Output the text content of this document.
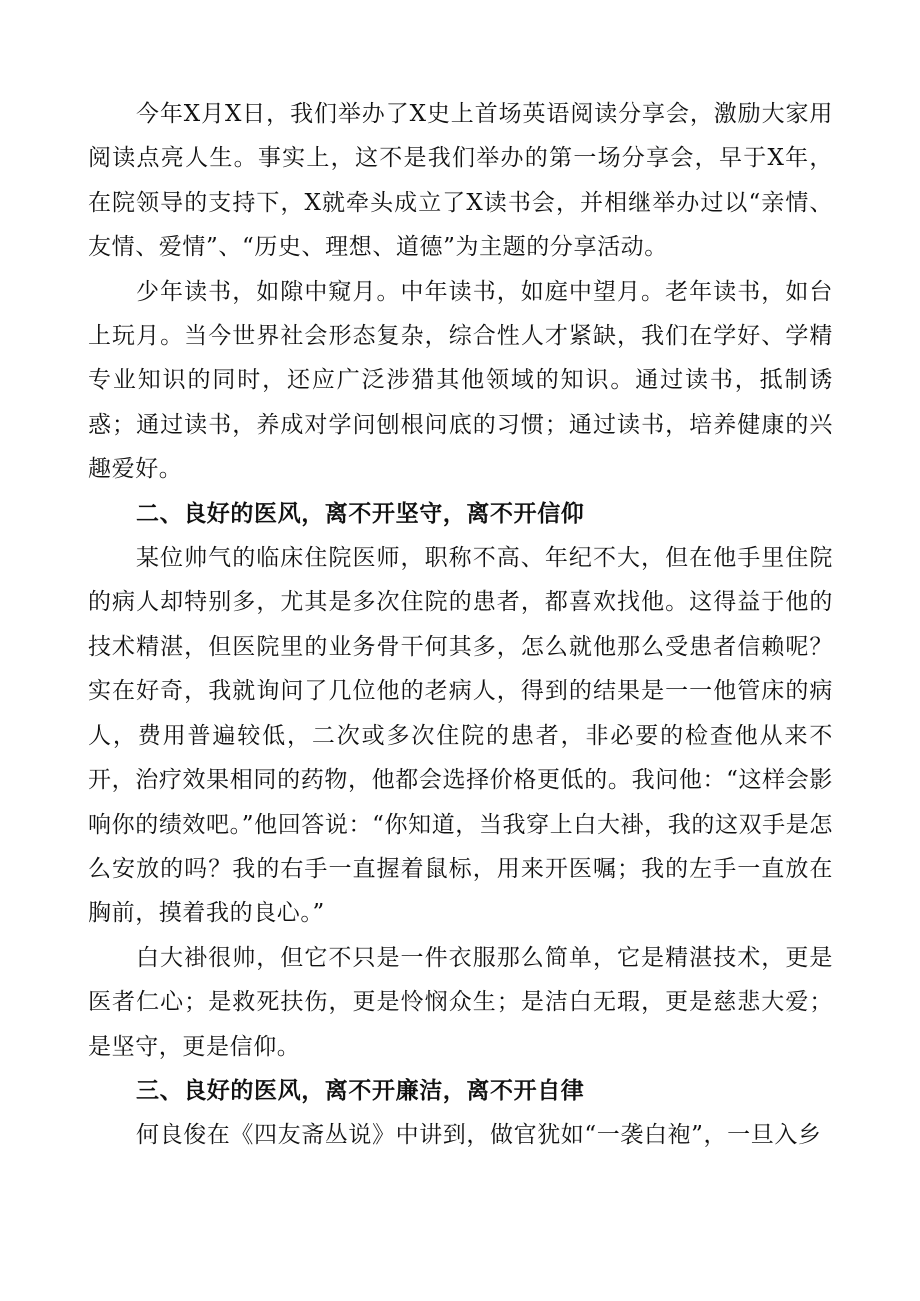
今年X月X日，我们举办了X史上首场英语阅读分享会，激励大家用阅读点亮人生。事实上，这不是我们举办的第一场分享会，早于X年，在院领导的支持下，X就牵头成立了X读书会，并相继举办过以“亲情、友情、爱情”、“历史、理想、道德”为主题的分享活动。

少年读书，如隙中窥月。中年读书，如庭中望月。老年读书，如台上玩月。当今世界社会形态复杂，综合性人才紧缺，我们在学好、学精专业知识的同时，还应广泛涉猎其他领域的知识。通过读书，抵制诱惑；通过读书，养成对学问刨根问底的习惯；通过读书，培养健康的兴趣爱好。

二、良好的医风，离不开坚守，离不开信仰

某位帅气的临床住院医师，职称不高、年纪不大，但在他手里住院的病人却特别多，尤其是多次住院的患者，都喜欢找他。这得益于他的技术精湛，但医院里的业务骨干何其多，怎么就他那么受患者信赖呢？实在好奇，我就询问了几位他的老病人，得到的结果是一一他管床的病人，费用普遍较低，二次或多次住院的患者，非必要的检查他从来不开，治疗效果相同的药物，他都会选择价格更低的。我问他：“这样会影响你的绩效吧。”他回答说：“你知道，当我穿上白大褂，我的这双手是怎么安放的吗？我的右手一直握着鼠标，用来开医嘱；我的左手一直放在胸前，摸着我的良心。”

白大褂很帅，但它不只是一件衣服那么简单，它是精湛技术，更是医者仁心；是救死扶伤，更是怜悯众生；是洁白无瑕，更是慈悲大爱；是坚守，更是信仰。

三、良好的医风，离不开廉洁，离不开自律

何良俊在《四友斋丛说》中讲到，做官犹如“一袭白袍”，一旦入乡
